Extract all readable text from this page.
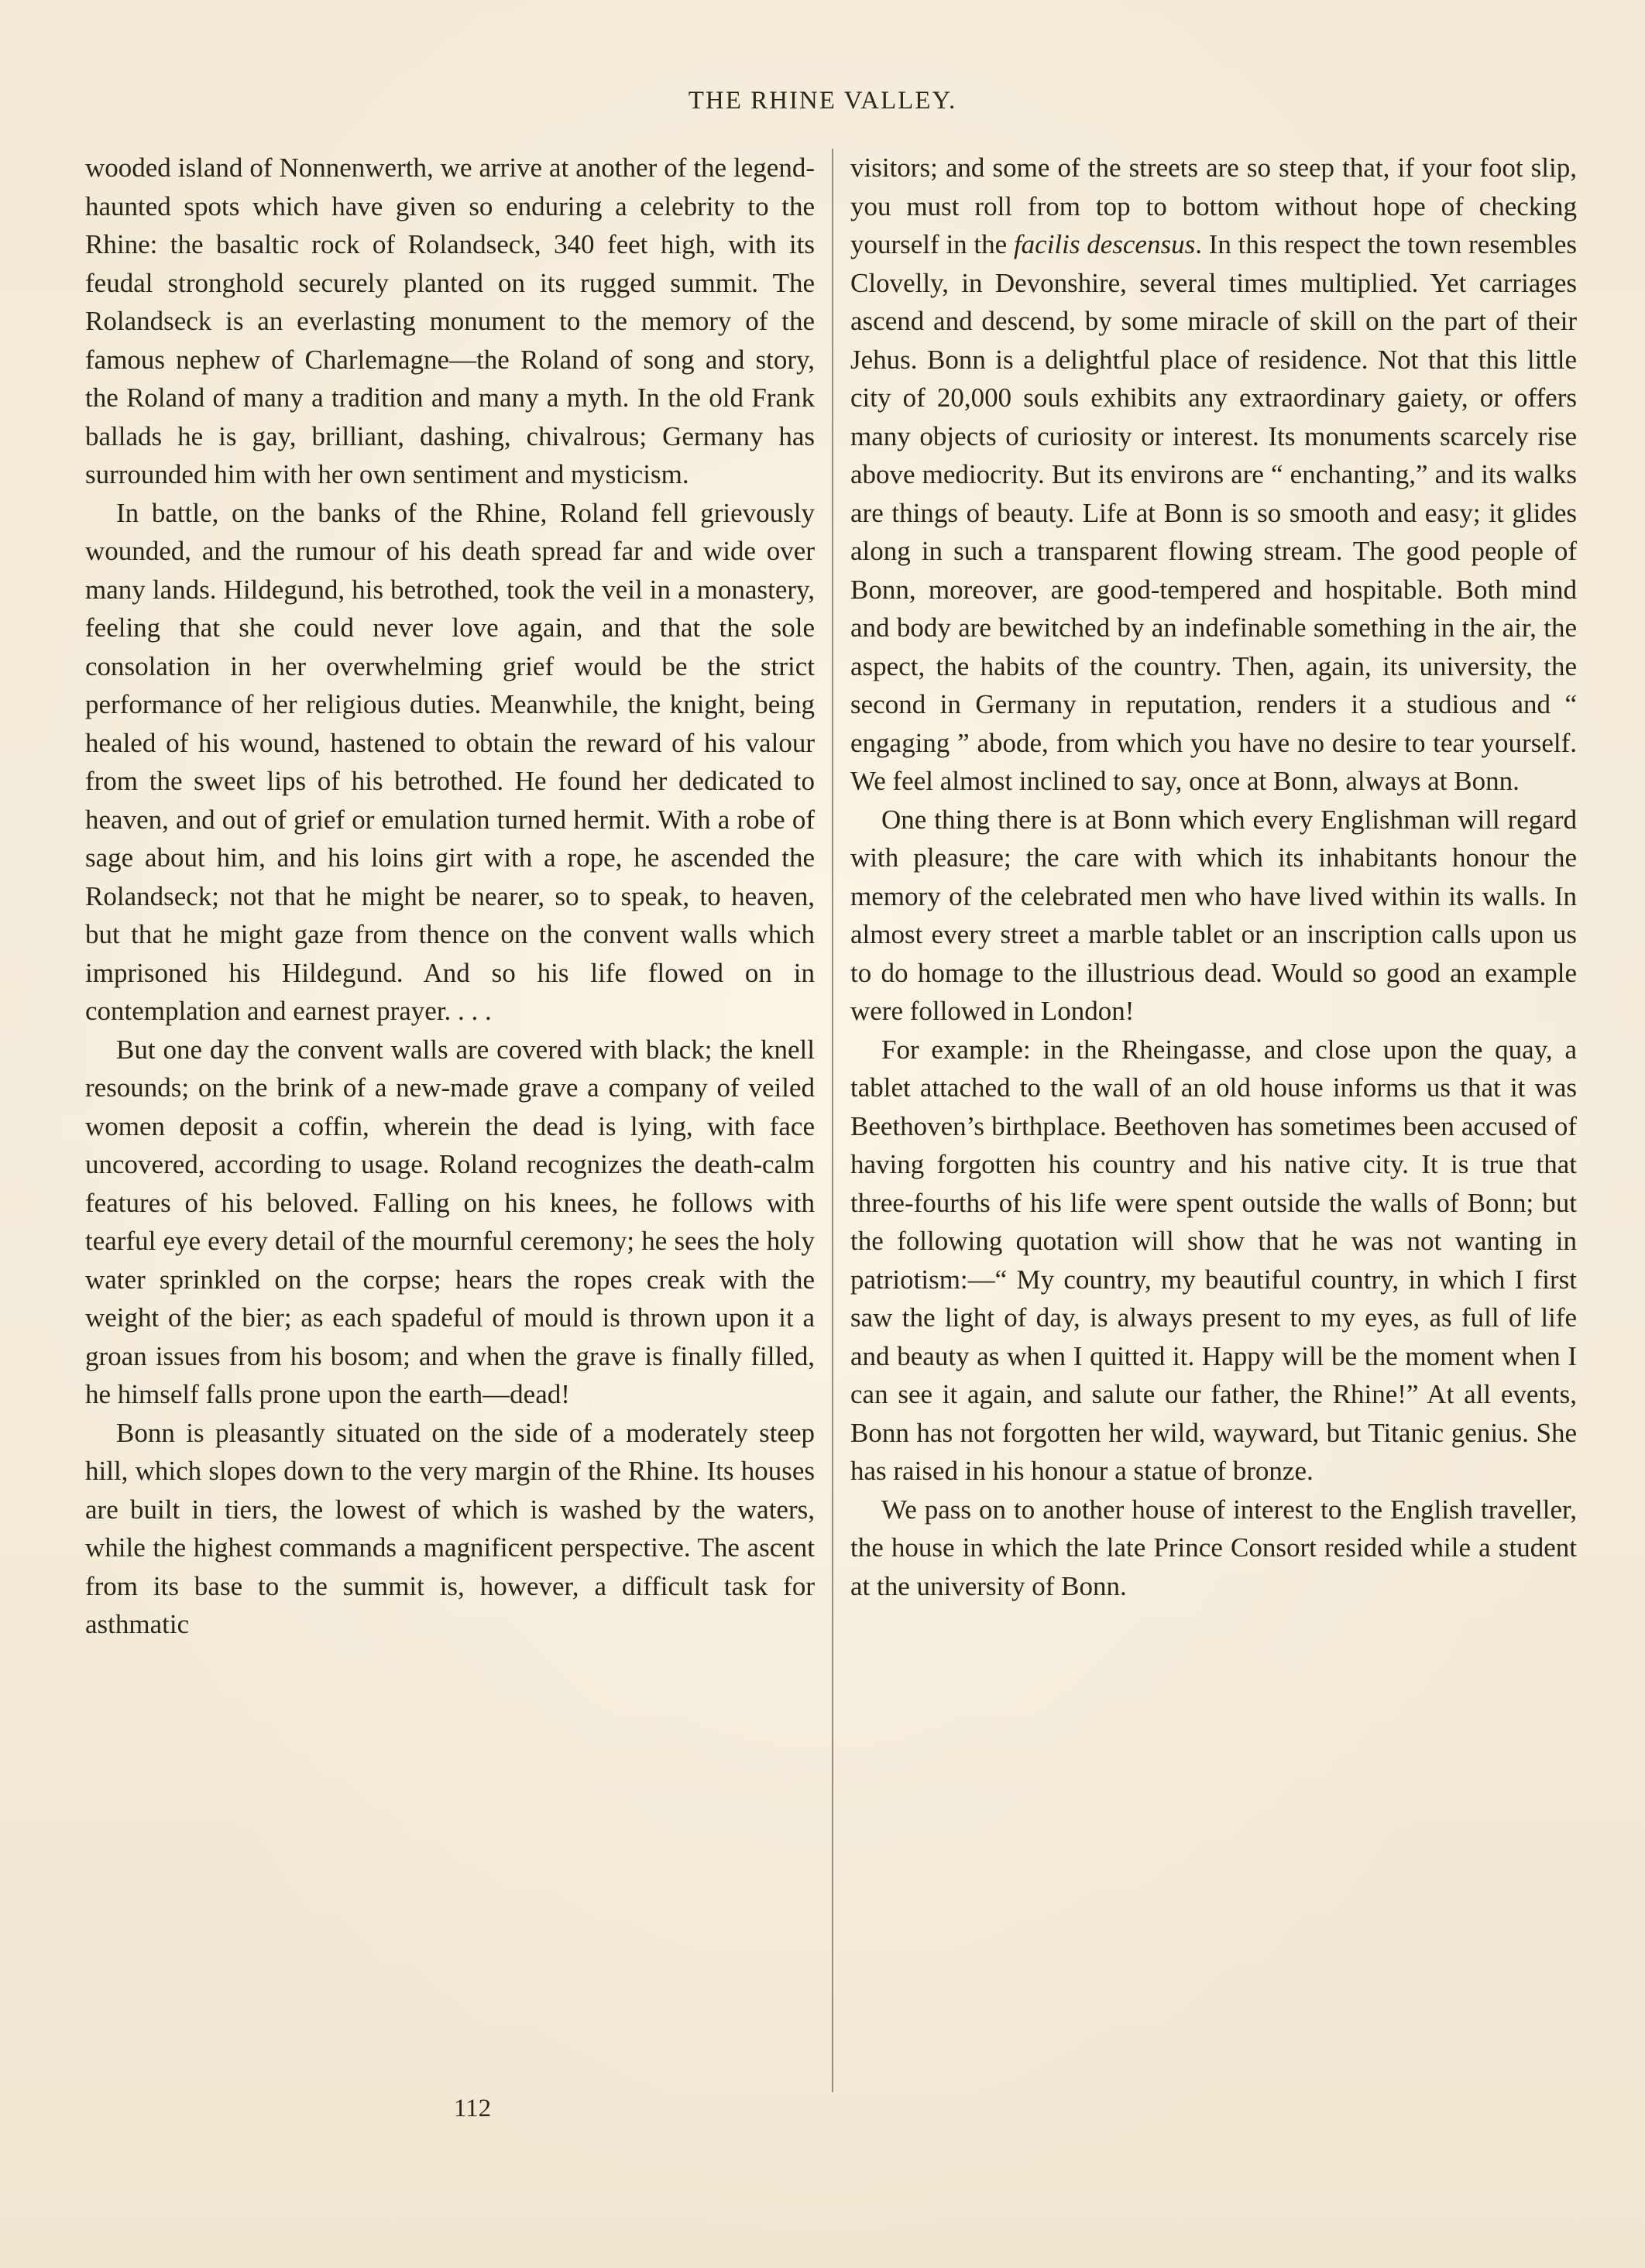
THE RHINE VALLEY.

wooded island of Nonnenwerth, we arrive at another of the legend-haunted spots which have given so enduring a celebrity to the Rhine: the basaltic rock of Rolandseck, 340 feet high, with its feudal stronghold securely planted on its rugged summit. The Rolandseck is an everlasting monument to the memory of the famous nephew of Charlemagne—the Roland of song and story, the Roland of many a tradition and many a myth. In the old Frank ballads he is gay, brilliant, dashing, chivalrous; Germany has surrounded him with her own sentiment and mysticism.

In battle, on the banks of the Rhine, Roland fell grievously wounded, and the rumour of his death spread far and wide over many lands. Hildegund, his betrothed, took the veil in a monastery, feeling that she could never love again, and that the sole consolation in her overwhelming grief would be the strict performance of her religious duties. Meanwhile, the knight, being healed of his wound, hastened to obtain the reward of his valour from the sweet lips of his betrothed. He found her dedicated to heaven, and out of grief or emulation turned hermit. With a robe of sage about him, and his loins girt with a rope, he ascended the Rolandseck; not that he might be nearer, so to speak, to heaven, but that he might gaze from thence on the convent walls which imprisoned his Hildegund. And so his life flowed on in contemplation and earnest prayer. . . .

But one day the convent walls are covered with black; the knell resounds; on the brink of a new-made grave a company of veiled women deposit a coffin, wherein the dead is lying, with face uncovered, according to usage. Roland recognizes the death-calm features of his beloved. Falling on his knees, he follows with tearful eye every detail of the mournful ceremony; he sees the holy water sprinkled on the corpse; hears the ropes creak with the weight of the bier; as each spadeful of mould is thrown upon it a groan issues from his bosom; and when the grave is finally filled, he himself falls prone upon the earth—dead!

Bonn is pleasantly situated on the side of a moderately steep hill, which slopes down to the very margin of the Rhine. Its houses are built in tiers, the lowest of which is washed by the waters, while the highest commands a magnificent perspective. The ascent from its base to the summit is, however, a difficult task for asthmatic

visitors; and some of the streets are so steep that, if your foot slip, you must roll from top to bottom without hope of checking yourself in the facilis descensus. In this respect the town resembles Clovelly, in Devonshire, several times multiplied. Yet carriages ascend and descend, by some miracle of skill on the part of their Jehus. Bonn is a delightful place of residence. Not that this little city of 20,000 souls exhibits any extraordinary gaiety, or offers many objects of curiosity or interest. Its monuments scarcely rise above mediocrity. But its environs are “ enchanting,” and its walks are things of beauty. Life at Bonn is so smooth and easy; it glides along in such a transparent flowing stream. The good people of Bonn, moreover, are good-tempered and hospitable. Both mind and body are bewitched by an indefinable something in the air, the aspect, the habits of the country. Then, again, its university, the second in Germany in reputation, renders it a studious and “ engaging ” abode, from which you have no desire to tear yourself. We feel almost inclined to say, once at Bonn, always at Bonn.

One thing there is at Bonn which every Englishman will regard with pleasure; the care with which its inhabitants honour the memory of the celebrated men who have lived within its walls. In almost every street a marble tablet or an inscription calls upon us to do homage to the illustrious dead. Would so good an example were followed in London!

For example: in the Rheingasse, and close upon the quay, a tablet attached to the wall of an old house informs us that it was Beethoven’s birthplace. Beethoven has sometimes been accused of having forgotten his country and his native city. It is true that three-fourths of his life were spent outside the walls of Bonn; but the following quotation will show that he was not wanting in patriotism:—“ My country, my beautiful country, in which I first saw the light of day, is always present to my eyes, as full of life and beauty as when I quitted it. Happy will be the moment when I can see it again, and salute our father, the Rhine!” At all events, Bonn has not forgotten her wild, wayward, but Titanic genius. She has raised in his honour a statue of bronze.

We pass on to another house of interest to the English traveller, the house in which the late Prince Consort resided while a student at the university of Bonn.

112
